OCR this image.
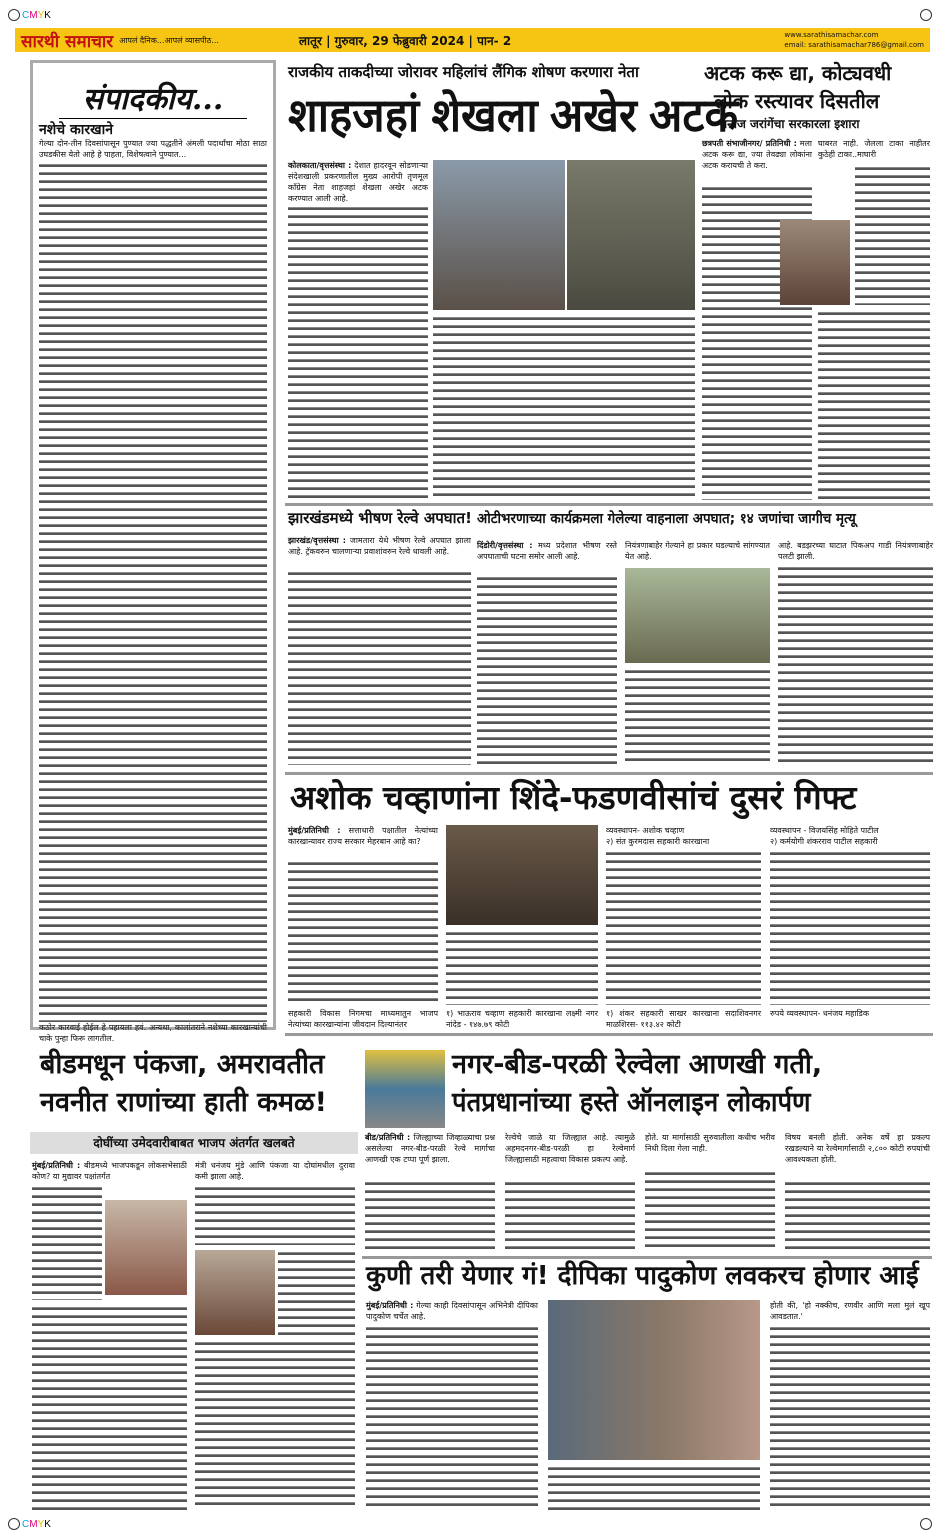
CMYK
सारथी समाचार आपलं दैनिक...आपलं व्यासपीठ...	लातूर | गुरुवार, 29 फेब्रुवारी 2024 | पान- 2	www.sarathisamachar.com
email: sarathisamachar786@gmail.com
संपादकीय...
नशेचे कारखाने
गेल्या दोन-तीन दिवसांपासून पुण्यात ज्या पद्धतीने अंमली पदार्थांचा मोठा साठा उघडकीस येतो आहे हे पाहता, विशेषत्वाने पुण्यात...
कठोर कारवाई होईल हे पहायला हवं. अन्यथा, कालांतराने नशेच्या कारखान्यांची चाके पुन्हा फिरू लागतील.
राजकीय ताकदीच्या जोरावर महिलांचं लैंगिक शोषण करणारा नेता
शाहजहां शेखला अखेर अटक
कोलकाता/वृत्तसंस्था : देशात हादरवून सोडणाऱ्या संदेशखाली प्रकरणातील मुख्य आरोपी तृणमूल काँग्रेस नेता शाहजहां शेखला अखेर अटक करण्यात आली आहे.
अटक करू द्या, कोट्यवधी
लोक रस्त्यावर दिसतील
मनोज जरांगेंचा सरकारला इशारा
छत्रपती संभाजीनगर/ प्रतिनिधी : मला अटक करू द्या, ज्या तेवढ्या लोकांना अटक करायची ते करा.
घाबरत नाही. जेलला टाका नाहीतर कुठेही टाका..माघारी
झारखंडमध्ये भीषण रेल्वे अपघात!
झारखंड/वृत्तसंस्था : जामतारा येथे भीषण रेल्वे अपघात झाला आहे. ट्रॅकवरुन चालणाऱ्या प्रवाशांवरुन रेल्वे धावली आहे.
ओटीभरणाच्या कार्यक्रमला गेलेल्या वाहनाला अपघात; १४ जणांचा जागीच मृत्यू
दिंडोरी/वृत्तसंस्था : मध्य प्रदेशात भीषण रस्ते अपघाताची घटना समोर आली आहे.
नियंत्रणाबाहेर गेल्याने हा प्रकार घडल्याचे सांगण्यात येत आहे.
आहे. बडझरच्या घाटात पिकअप गाडी नियंत्रणाबाहेर पलटी झाली.
अशोक चव्हाणांना शिंदे-फडणवीसांचं दुसरं गिफ्ट
मुंबई/प्रतिनिधी : सत्ताधारी पक्षातील नेत्यांच्या कारखान्यावर राज्य सरकार मेहरबान आहे का?
व्यवस्थापन- अशोक चव्हाण
२) संत कुरमदास सहकारी कारखाना
व्यवस्थापन - विजयसिंह मोहिते पाटील
२) कर्मयोगी शंकरराव पाटील सहकारी
सहकारी विकास निगमचा माध्यमातुन भाजप नेत्यांच्या कारखान्यांना जीवदान दिल्यानंतर
१) भाऊराव चव्हाण सहकारी कारखाना लक्ष्मी नगर नांदेड - १४७.७९ कोटी
१) शंकर सहकारी साखर कारखाना सदाशिवनगर माळशिरस- ११३.४२ कोटी
रुपये व्यवस्थापन- धनंजय महाडिक
बीडमधून पंकजा, अमरावतीत
नवनीत राणांच्या हाती कमळ!
दोघींच्या उमेदवारीबाबत भाजप अंतर्गत खलबते
मुंबई/प्रतिनिधी : बीडमध्ये भाजपकडून लोकसभेसाठी कोण? या मुद्यावर पक्षांतर्गत
मंत्री धनंजय मुंडे आणि पंकजा या दोघांमधील दुरावा कमी झाला आहे.
नगर-बीड-परळी रेल्वेला आणखी गती,
पंतप्रधानांच्या हस्ते ऑनलाइन लोकार्पण
बीड/प्रतिनिधी : जिल्ह्याच्या जिव्हाळ्याचा प्रश्न असलेल्या नगर-बीड-परळी रेल्वे मार्गाचा आणखी एक टप्पा पूर्ण झाला.
रेल्वेचे जाळे या जिल्ह्यात आहे. त्यामुळे अहमदनगर-बीड-परळी हा रेल्वेमार्ग जिल्ह्यासाठी महत्वाचा विकास प्रकल्प आहे.
होते. या मार्गासाठी सुरुवातीला कधीच भरीव निधी दिला गेला नाही.
विषय बनली होती. अनेक वर्षे हा प्रकल्प रखडल्याने या रेल्वेमार्गासाठी २,८०० कोटी रुपयांची आवश्यकता होती.
कुणी तरी येणार गं! दीपिका पादुकोण लवकरच होणार आई
मुंबई/प्रतिनिधी : गेल्या काही दिवसांपासून अभिनेत्री दीपिका पादुकोण चर्चेत आहे.
होती की, 'हो नक्कीच, रणवीर आणि मला मुलं खूप आवडतात.'
CMYK
